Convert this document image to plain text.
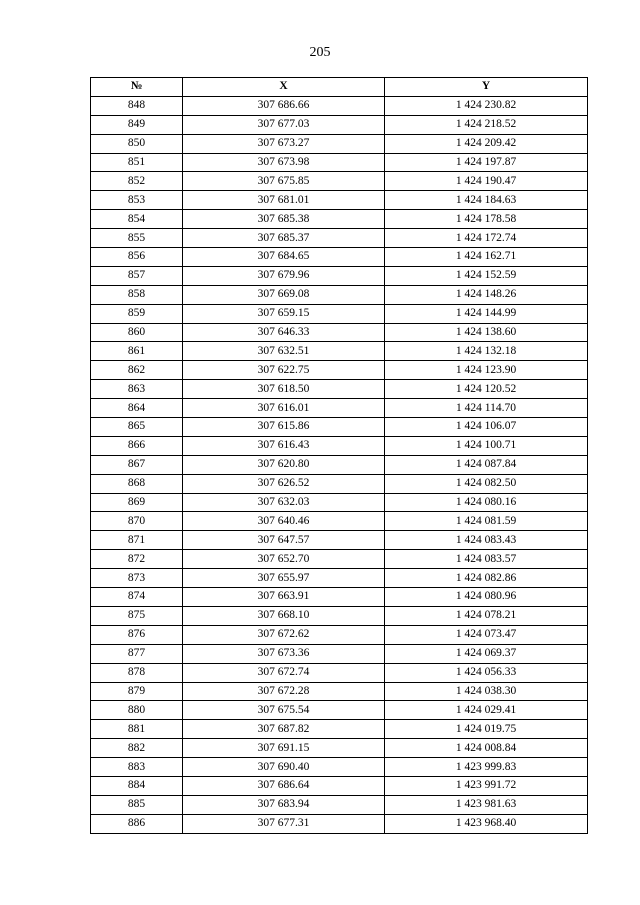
205
№	X	Y
848	307 686.66	1 424 230.82
849	307 677.03	1 424 218.52
850	307 673.27	1 424 209.42
851	307 673.98	1 424 197.87
852	307 675.85	1 424 190.47
853	307 681.01	1 424 184.63
854	307 685.38	1 424 178.58
855	307 685.37	1 424 172.74
856	307 684.65	1 424 162.71
857	307 679.96	1 424 152.59
858	307 669.08	1 424 148.26
859	307 659.15	1 424 144.99
860	307 646.33	1 424 138.60
861	307 632.51	1 424 132.18
862	307 622.75	1 424 123.90
863	307 618.50	1 424 120.52
864	307 616.01	1 424 114.70
865	307 615.86	1 424 106.07
866	307 616.43	1 424 100.71
867	307 620.80	1 424 087.84
868	307 626.52	1 424 082.50
869	307 632.03	1 424 080.16
870	307 640.46	1 424 081.59
871	307 647.57	1 424 083.43
872	307 652.70	1 424 083.57
873	307 655.97	1 424 082.86
874	307 663.91	1 424 080.96
875	307 668.10	1 424 078.21
876	307 672.62	1 424 073.47
877	307 673.36	1 424 069.37
878	307 672.74	1 424 056.33
879	307 672.28	1 424 038.30
880	307 675.54	1 424 029.41
881	307 687.82	1 424 019.75
882	307 691.15	1 424 008.84
883	307 690.40	1 423 999.83
884	307 686.64	1 423 991.72
885	307 683.94	1 423 981.63
886	307 677.31	1 423 968.40
